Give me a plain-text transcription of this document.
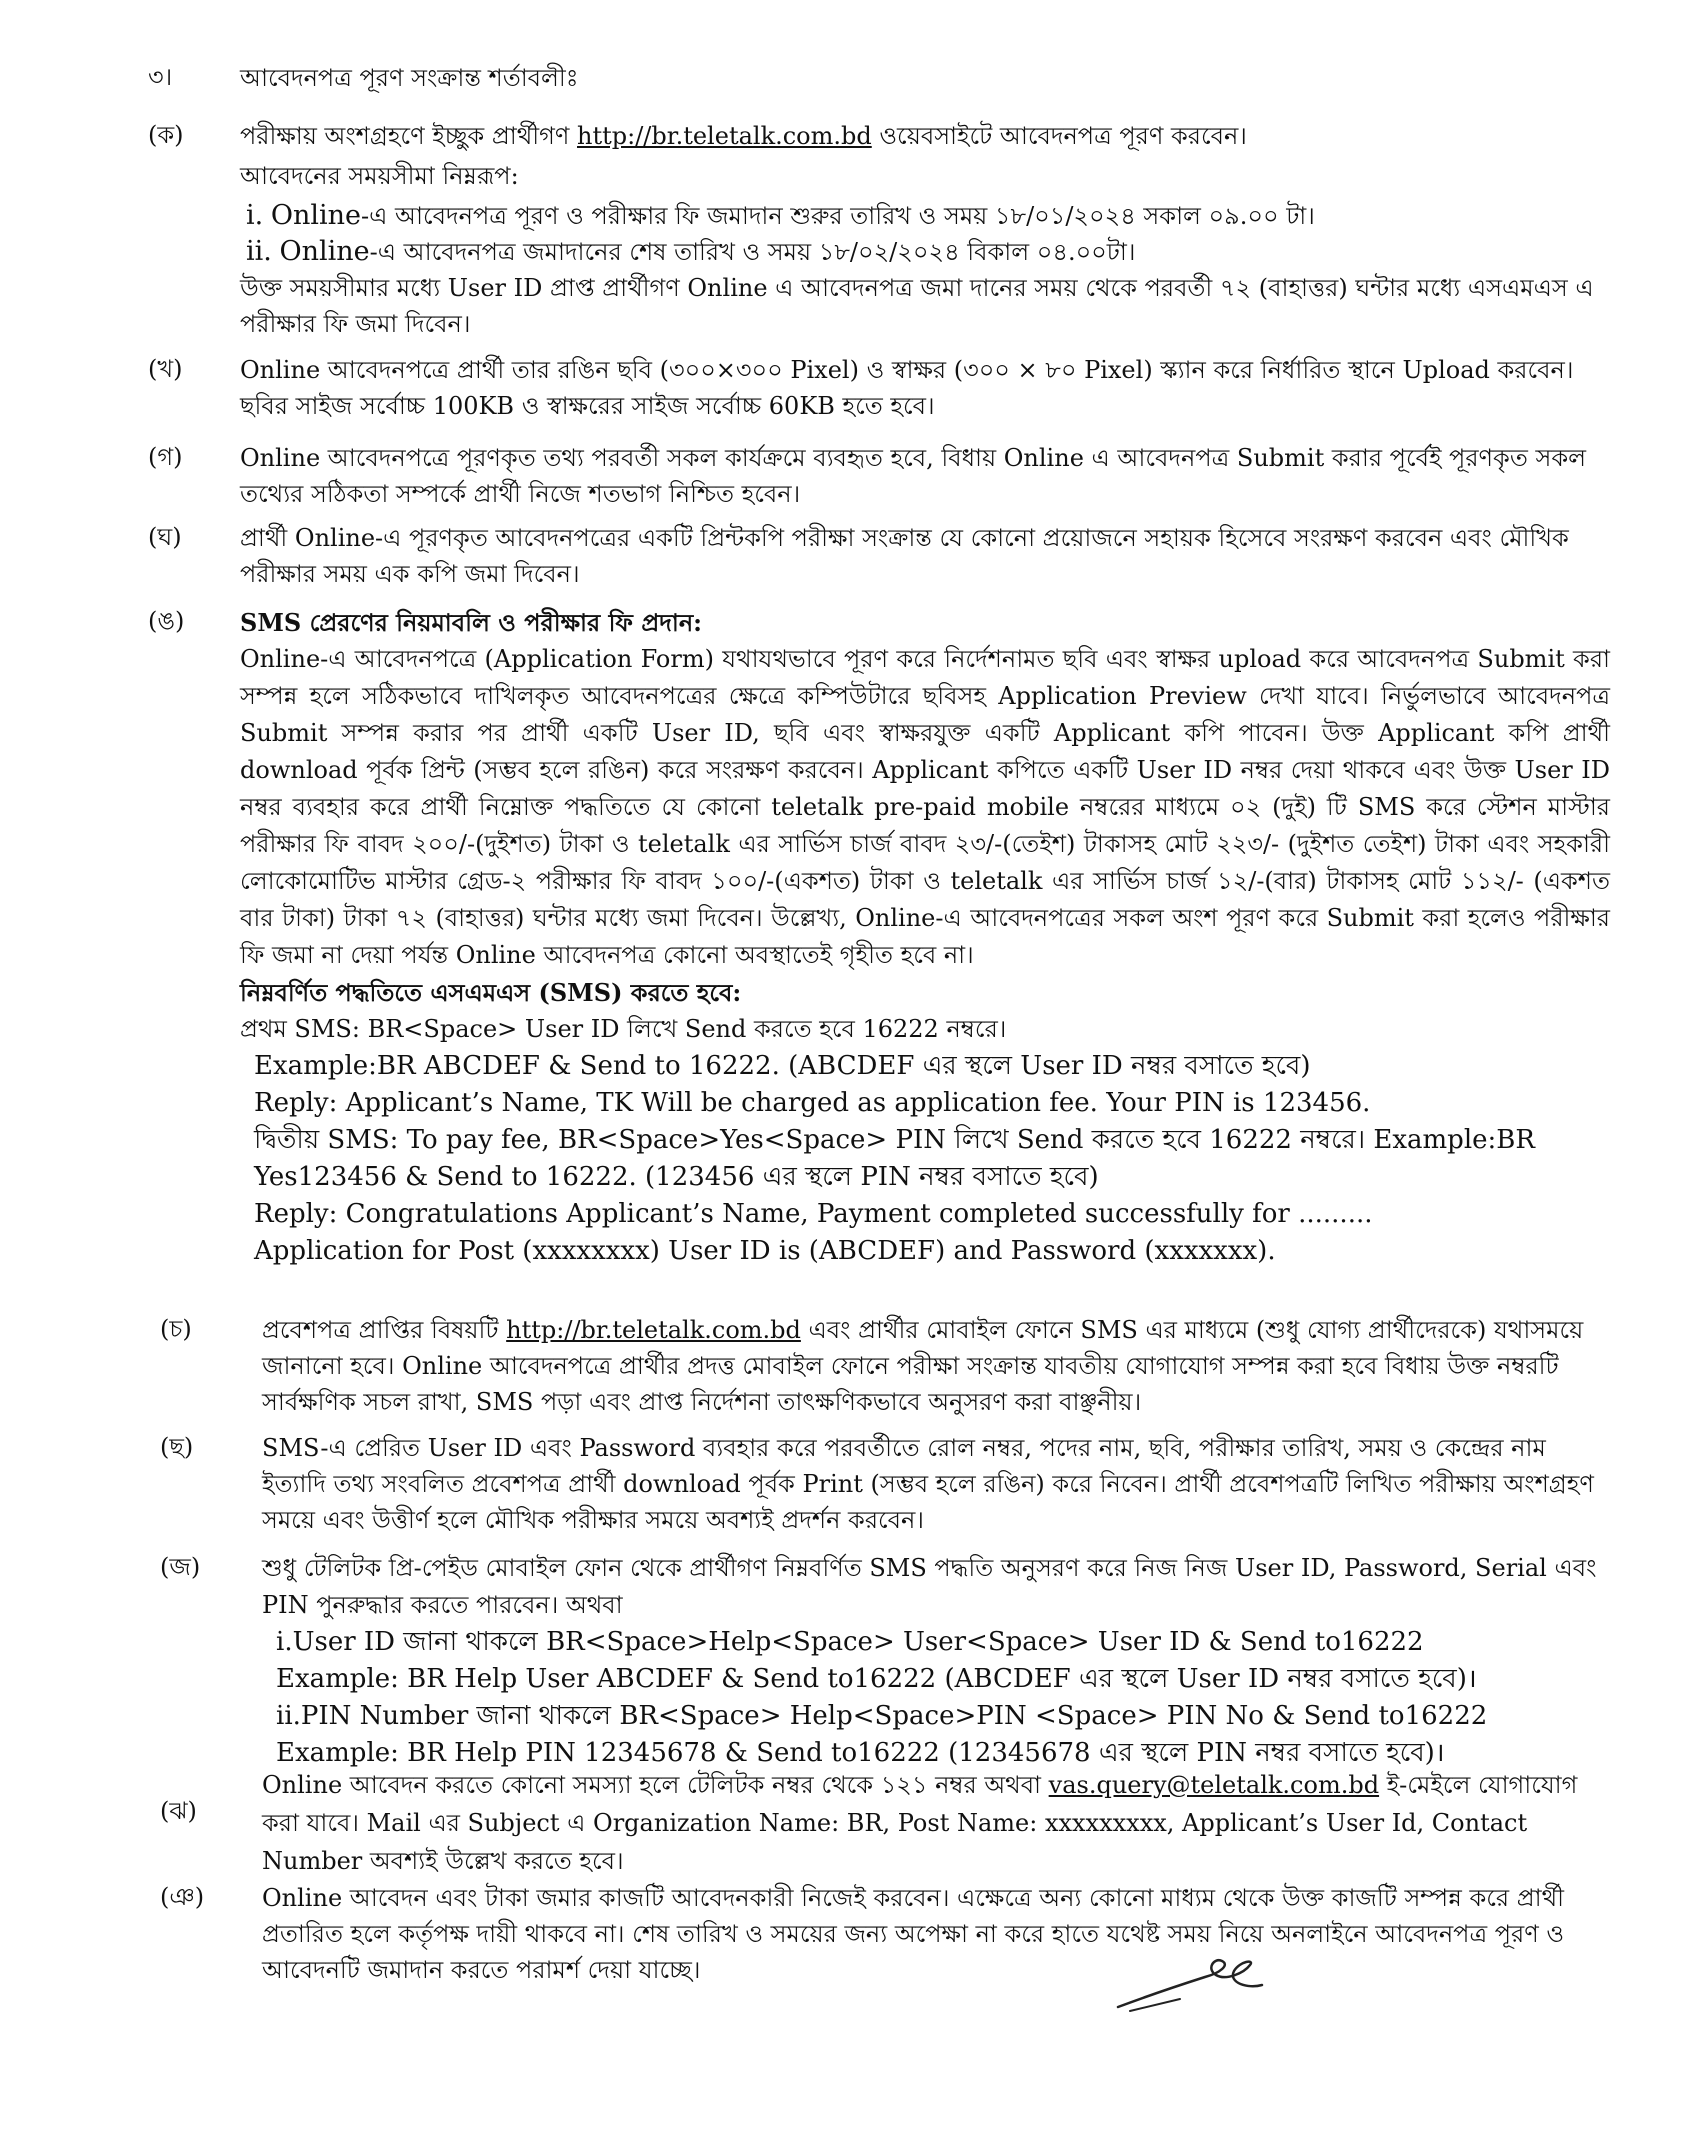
৩।	আবেদনপত্র পূরণ সংক্রান্ত শর্তাবলীঃ

(ক)	পরীক্ষায় অংশগ্রহণে ইচ্ছুক প্রার্থীগণ http://br.teletalk.com.bd ওয়েবসাইটে আবেদনপত্র পূরণ করবেন।

আবেদনের সময়সীমা নিম্নরূপ:

i. Online-এ আবেদনপত্র পূরণ ও পরীক্ষার ফি জমাদান শুরুর তারিখ ও সময় ১৮/০১/২০২৪ সকাল ০৯.০০ টা।

ii. Online-এ আবেদনপত্র জমাদানের শেষ তারিখ ও সময় ১৮/০২/২০২৪ বিকাল ০৪.০০টা।

উক্ত সময়সীমার মধ্যে User ID প্রাপ্ত প্রার্থীগণ Online এ আবেদনপত্র জমা দানের সময় থেকে পরবর্তী ৭২ (বাহাত্তর) ঘন্টার মধ্যে এসএমএস এ পরীক্ষার ফি জমা দিবেন।

(খ)	Online আবেদনপত্রে প্রার্থী তার রঙিন ছবি (৩০০×৩০০ Pixel) ও স্বাক্ষর (৩০০ × ৮০ Pixel) স্ক্যান করে নির্ধারিত স্থানে Upload করবেন। ছবির সাইজ সর্বোচ্চ 100KB ও স্বাক্ষরের সাইজ সর্বোচ্চ 60KB হতে হবে।

(গ)	Online আবেদনপত্রে পূরণকৃত তথ্য পরবর্তী সকল কার্যক্রমে ব্যবহৃত হবে, বিধায় Online এ আবেদনপত্র Submit করার পূর্বেই পূরণকৃত সকল তথ্যের সঠিকতা সম্পর্কে প্রার্থী নিজে শতভাগ নিশ্চিত হবেন।

(ঘ)	প্রার্থী Online-এ পূরণকৃত আবেদনপত্রের একটি প্রিন্টকপি পরীক্ষা সংক্রান্ত যে কোনো প্রয়োজনে সহায়ক হিসেবে সংরক্ষণ করবেন এবং মৌখিক পরীক্ষার সময় এক কপি জমা দিবেন।

(ঙ)	SMS প্রেরণের নিয়মাবলি ও পরীক্ষার ফি প্রদান:

Online-এ আবেদনপত্রে (Application Form) যথাযথভাবে পূরণ করে নির্দেশনামত ছবি এবং স্বাক্ষর upload করে আবেদনপত্র Submit করা সম্পন্ন হলে সঠিকভাবে দাখিলকৃত আবেদনপত্রের ক্ষেত্রে কম্পিউটারে ছবিসহ Application Preview দেখা যাবে। নির্ভুলভাবে আবেদনপত্র Submit সম্পন্ন করার পর প্রার্থী একটি User ID, ছবি এবং স্বাক্ষরযুক্ত একটি Applicant কপি পাবেন। উক্ত Applicant কপি প্রার্থী download পূর্বক প্রিন্ট (সম্ভব হলে রঙিন) করে সংরক্ষণ করবেন। Applicant কপিতে একটি User ID নম্বর দেয়া থাকবে এবং উক্ত User ID নম্বর ব্যবহার করে প্রার্থী নিম্নোক্ত পদ্ধতিতে যে কোনো teletalk pre-paid mobile নম্বরের মাধ্যমে ০২ (দুই) টি SMS করে স্টেশন মাস্টার পরীক্ষার ফি বাবদ ২০০/-(দুইশত) টাকা ও teletalk এর সার্ভিস চার্জ বাবদ ২৩/-(তেইশ) টাকাসহ মোট ২২৩/- (দুইশত তেইশ) টাকা এবং সহকারী লোকোমোটিভ মাস্টার গ্রেড-২ পরীক্ষার ফি বাবদ ১০০/-(একশত) টাকা ও teletalk এর সার্ভিস চার্জ ১২/-(বার) টাকাসহ মোট ১১২/- (একশত বার টাকা) টাকা ৭২ (বাহাত্তর) ঘন্টার মধ্যে জমা দিবেন। উল্লেখ্য, Online-এ আবেদনপত্রের সকল অংশ পূরণ করে Submit করা হলেও পরীক্ষার ফি জমা না দেয়া পর্যন্ত Online আবেদনপত্র কোনো অবস্থাতেই গৃহীত হবে না।

নিম্নবর্ণিত পদ্ধতিতে এসএমএস (SMS) করতে হবে:

প্রথম SMS: BR<Space> User ID লিখে Send করতে হবে 16222 নম্বরে।

Example:BR ABCDEF & Send to 16222. (ABCDEF এর স্থলে User ID নম্বর বসাতে হবে)

Reply: Applicant’s Name, TK Will be charged as application fee. Your PIN is 123456.

দ্বিতীয় SMS: To pay fee, BR<Space>Yes<Space> PIN লিখে Send করতে হবে 16222 নম্বরে। Example:BR Yes123456 & Send to 16222. (123456 এর স্থলে PIN নম্বর বসাতে হবে)

Reply: Congratulations Applicant’s Name, Payment completed successfully for .........

Application for Post (xxxxxxxx) User ID is (ABCDEF) and Password (xxxxxxx).

(চ)	প্রবেশপত্র প্রাপ্তির বিষয়টি http://br.teletalk.com.bd এবং প্রার্থীর মোবাইল ফোনে SMS এর মাধ্যমে (শুধু যোগ্য প্রার্থীদেরকে) যথাসময়ে জানানো হবে। Online আবেদনপত্রে প্রার্থীর প্রদত্ত মোবাইল ফোনে পরীক্ষা সংক্রান্ত যাবতীয় যোগাযোগ সম্পন্ন করা হবে বিধায় উক্ত নম্বরটি সার্বক্ষণিক সচল রাখা, SMS পড়া এবং প্রাপ্ত নির্দেশনা তাৎক্ষণিকভাবে অনুসরণ করা বাঞ্ছনীয়।

(ছ)	SMS-এ প্রেরিত User ID এবং Password ব্যবহার করে পরবর্তীতে রোল নম্বর, পদের নাম, ছবি, পরীক্ষার তারিখ, সময় ও কেন্দ্রের নাম ইত্যাদি তথ্য সংবলিত প্রবেশপত্র প্রার্থী download পূর্বক Print (সম্ভব হলে রঙিন) করে নিবেন। প্রার্থী প্রবেশপত্রটি লিখিত পরীক্ষায় অংশগ্রহণ সময়ে এবং উত্তীর্ণ হলে মৌখিক পরীক্ষার সময়ে অবশ্যই প্রদর্শন করবেন।

(জ)	শুধু টেলিটক প্রি-পেইড মোবাইল ফোন থেকে প্রার্থীগণ নিম্নবর্ণিত SMS পদ্ধতি অনুসরণ করে নিজ নিজ User ID, Password, Serial এবং PIN পুনরুদ্ধার করতে পারবেন। অথবা

i.User ID জানা থাকলে BR<Space>Help<Space> User<Space> User ID & Send to16222

Example: BR Help User ABCDEF & Send to16222 (ABCDEF এর স্থলে User ID নম্বর বসাতে হবে)।

ii.PIN Number জানা থাকলে BR<Space> Help<Space>PIN <Space> PIN No & Send to16222

Example: BR Help PIN 12345678 & Send to16222 (12345678 এর স্থলে PIN নম্বর বসাতে হবে)।

(ঝ)

Online আবেদন করতে কোনো সমস্যা হলে টেলিটক নম্বর থেকে ১২১ নম্বর অথবা vas.query@teletalk.com.bd ই-মেইলে যোগাযোগ করা যাবে। Mail এর Subject এ Organization Name: BR, Post Name: xxxxxxxxx, Applicant’s User Id, Contact Number অবশ্যই উল্লেখ করতে হবে।

(ঞ)	Online আবেদন এবং টাকা জমার কাজটি আবেদনকারী নিজেই করবেন। এক্ষেত্রে অন্য কোনো মাধ্যম থেকে উক্ত কাজটি সম্পন্ন করে প্রার্থী প্রতারিত হলে কর্তৃপক্ষ দায়ী থাকবে না। শেষ তারিখ ও সময়ের জন্য অপেক্ষা না করে হাতে যথেষ্ট সময় নিয়ে অনলাইনে আবেদনপত্র পূরণ ও আবেদনটি জমাদান করতে পরামর্শ দেয়া যাচ্ছে।
